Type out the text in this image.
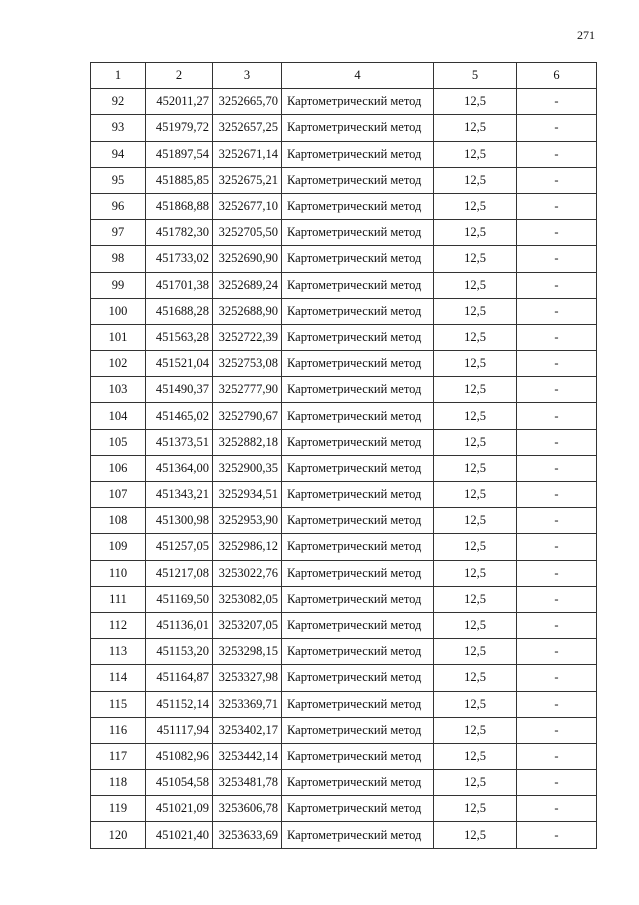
271
1	2	3	4	5	6
92	452011,27	3252665,70	Картометрический метод	12,5	-
93	451979,72	3252657,25	Картометрический метод	12,5	-
94	451897,54	3252671,14	Картометрический метод	12,5	-
95	451885,85	3252675,21	Картометрический метод	12,5	-
96	451868,88	3252677,10	Картометрический метод	12,5	-
97	451782,30	3252705,50	Картометрический метод	12,5	-
98	451733,02	3252690,90	Картометрический метод	12,5	-
99	451701,38	3252689,24	Картометрический метод	12,5	-
100	451688,28	3252688,90	Картометрический метод	12,5	-
101	451563,28	3252722,39	Картометрический метод	12,5	-
102	451521,04	3252753,08	Картометрический метод	12,5	-
103	451490,37	3252777,90	Картометрический метод	12,5	-
104	451465,02	3252790,67	Картометрический метод	12,5	-
105	451373,51	3252882,18	Картометрический метод	12,5	-
106	451364,00	3252900,35	Картометрический метод	12,5	-
107	451343,21	3252934,51	Картометрический метод	12,5	-
108	451300,98	3252953,90	Картометрический метод	12,5	-
109	451257,05	3252986,12	Картометрический метод	12,5	-
110	451217,08	3253022,76	Картометрический метод	12,5	-
111	451169,50	3253082,05	Картометрический метод	12,5	-
112	451136,01	3253207,05	Картометрический метод	12,5	-
113	451153,20	3253298,15	Картометрический метод	12,5	-
114	451164,87	3253327,98	Картометрический метод	12,5	-
115	451152,14	3253369,71	Картометрический метод	12,5	-
116	451117,94	3253402,17	Картометрический метод	12,5	-
117	451082,96	3253442,14	Картометрический метод	12,5	-
118	451054,58	3253481,78	Картометрический метод	12,5	-
119	451021,09	3253606,78	Картометрический метод	12,5	-
120	451021,40	3253633,69	Картометрический метод	12,5	-
